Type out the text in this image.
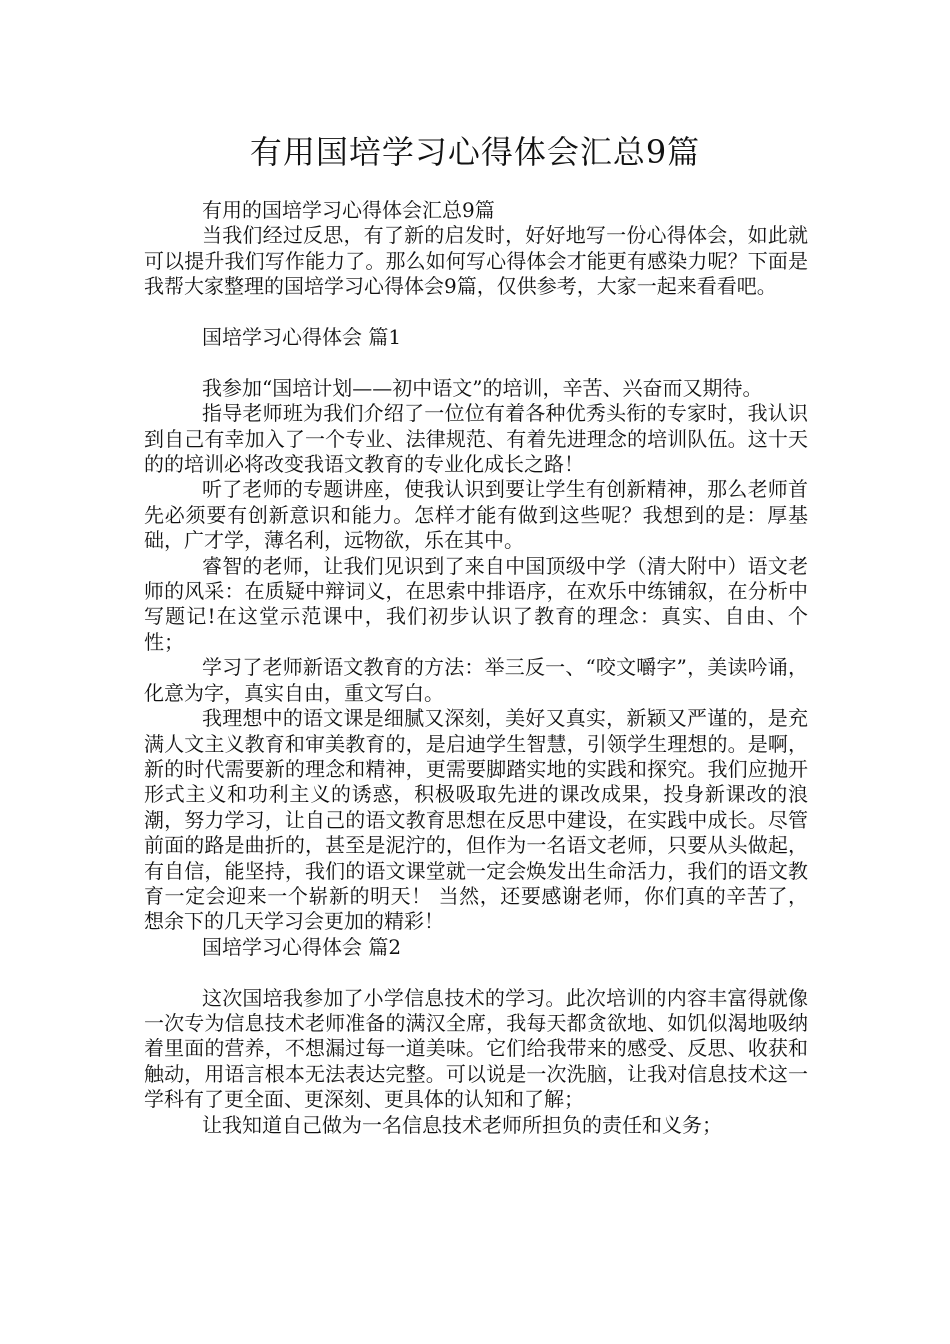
有用国培学习心得体会汇总9篇

有用的国培学习心得体会汇总9篇

当我们经过反思，有了新的启发时，好好地写一份心得体会，如此就可以提升我们写作能力了。那么如何写心得体会才能更有感染力呢？下面是我帮大家整理的国培学习心得体会9篇，仅供参考，大家一起来看看吧。

国培学习心得体会 篇1

我参加“国培计划——初中语文”的培训，辛苦、兴奋而又期待。

指导老师班为我们介绍了一位位有着各种优秀头衔的专家时，我认识到自己有幸加入了一个专业、法律规范、有着先进理念的培训队伍。这十天的的培训必将改变我语文教育的专业化成长之路！

听了老师的专题讲座，使我认识到要让学生有创新精神，那么老师首先必须要有创新意识和能力。怎样才能有做到这些呢？我想到的是：厚基础，广才学，薄名利，远物欲，乐在其中。

睿智的老师，让我们见识到了来自中国顶级中学（清大附中）语文老师的风采：在质疑中辩词义，在思索中排语序，在欢乐中练铺叙，在分析中写题记!在这堂示范课中，我们初步认识了教育的理念：真实、自由、个性；

学习了老师新语文教育的方法：举三反一、“咬文嚼字”，美读吟诵，化意为字，真实自由，重文写白。

我理想中的语文课是细腻又深刻，美好又真实，新颖又严谨的，是充满人文主义教育和审美教育的，是启迪学生智慧，引领学生理想的。是啊，新的时代需要新的理念和精神，更需要脚踏实地的实践和探究。我们应抛开形式主义和功利主义的诱惑，积极吸取先进的课改成果，投身新课改的浪潮，努力学习，让自己的语文教育思想在反思中建设，在实践中成长。尽管前面的路是曲折的，甚至是泥泞的，但作为一名语文老师，只要从头做起，有自信，能坚持，我们的语文课堂就一定会焕发出生命活力，我们的语文教育一定会迎来一个崭新的明天！ 当然，还要感谢老师，你们真的辛苦了，想余下的几天学习会更加的精彩！

国培学习心得体会 篇2

这次国培我参加了小学信息技术的学习。此次培训的内容丰富得就像一次专为信息技术老师准备的满汉全席，我每天都贪欲地、如饥似渴地吸纳着里面的营养，不想漏过每一道美味。它们给我带来的感受、反思、收获和触动，用语言根本无法表达完整。可以说是一次洗脑，让我对信息技术这一学科有了更全面、更深刻、更具体的认知和了解；

让我知道自己做为一名信息技术老师所担负的责任和义务；
